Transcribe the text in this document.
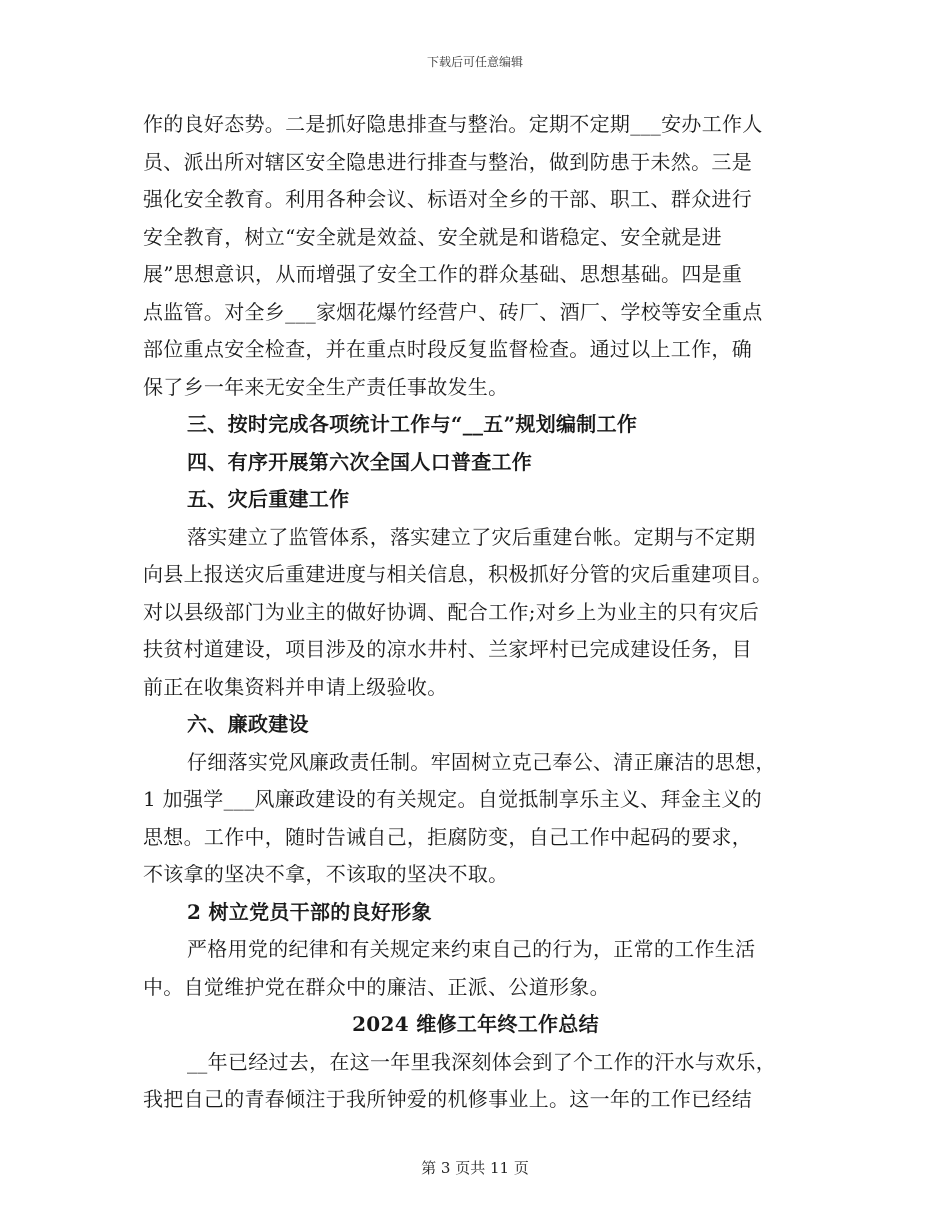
下载后可任意编辑
作的良好态势。二是抓好隐患排查与整治。定期不定期___安办工作人
员、派出所对辖区安全隐患进行排查与整治，做到防患于未然。三是
强化安全教育。利用各种会议、标语对全乡的干部、职工、群众进行
安全教育，树立“安全就是效益、安全就是和谐稳定、安全就是进
展”思想意识，从而增强了安全工作的群众基础、思想基础。四是重
点监管。对全乡___家烟花爆竹经营户、砖厂、酒厂、学校等安全重点
部位重点安全检查，并在重点时段反复监督检查。通过以上工作，确
保了乡一年来无安全生产责任事故发生。
三、按时完成各项统计工作与“__五”规划编制工作
四、有序开展第六次全国人口普查工作
五、灾后重建工作
落实建立了监管体系，落实建立了灾后重建台帐。定期与不定期
向县上报送灾后重建进度与相关信息，积极抓好分管的灾后重建项目。
对以县级部门为业主的做好协调、配合工作;对乡上为业主的只有灾后
扶贫村道建设，项目涉及的凉水井村、兰家坪村已完成建设任务，目
前正在收集资料并申请上级验收。
六、廉政建设
仔细落实党风廉政责任制。牢固树立克己奉公、清正廉洁的思想，
1 加强学___风廉政建设的有关规定。自觉抵制享乐主义、拜金主义的
思想。工作中，随时告诫自己，拒腐防变，自己工作中起码的要求，
不该拿的坚决不拿，不该取的坚决不取。
2 树立党员干部的良好形象
严格用党的纪律和有关规定来约束自己的行为，正常的工作生活
中。自觉维护党在群众中的廉洁、正派、公道形象。
2024 维修工年终工作总结
__年已经过去，在这一年里我深刻体会到了个工作的汗水与欢乐，
我把自己的青春倾注于我所钟爱的机修事业上。这一年的工作已经结
第 3 页共 11 页
